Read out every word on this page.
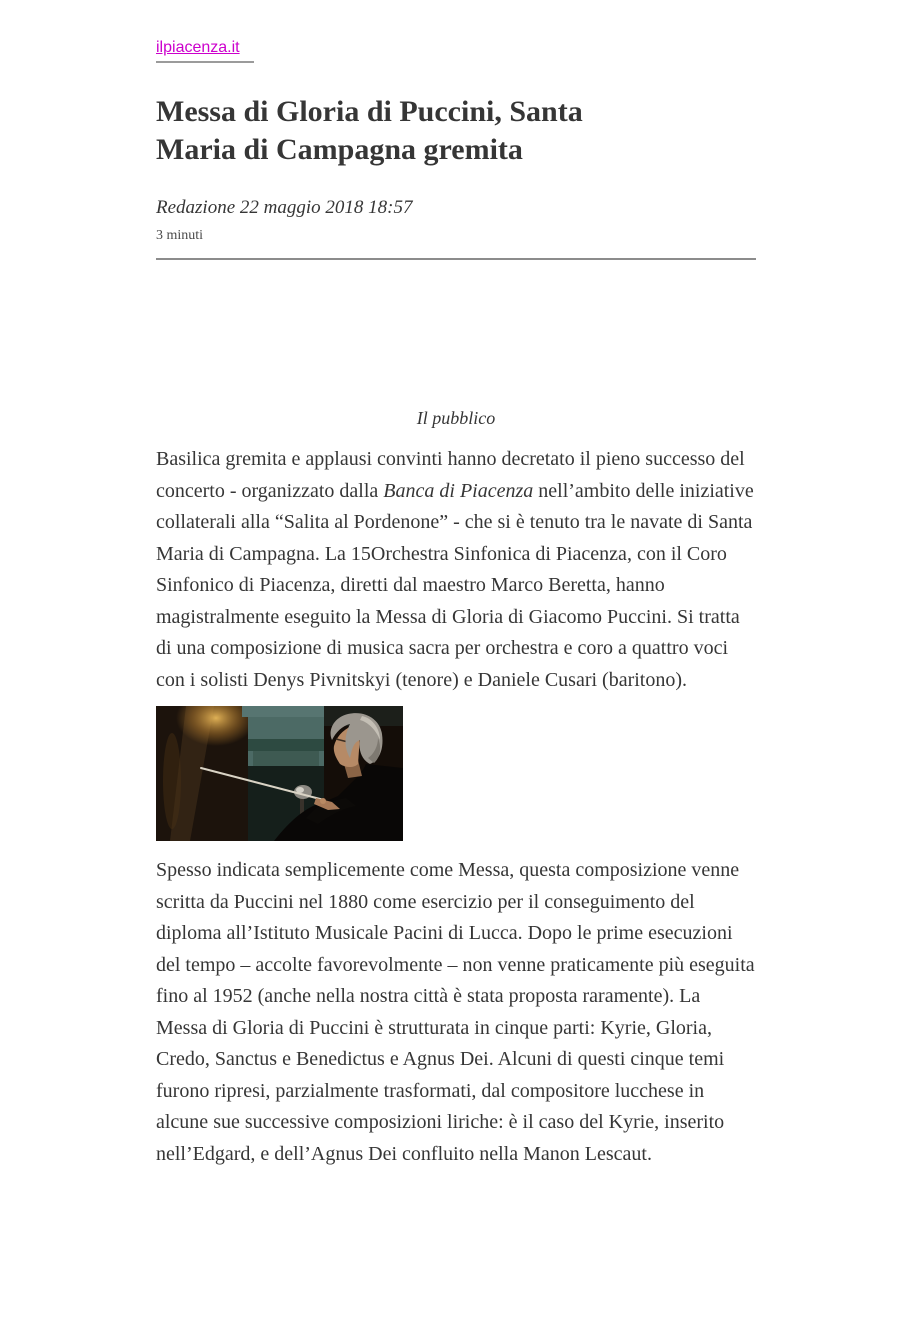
ilpiacenza.it
Messa di Gloria di Puccini, Santa
Maria di Campagna gremita
Redazione 22 maggio 2018 18:57
3 minuti
Il pubblico

Basilica gremita e applausi convinti hanno decretato il pieno successo del concerto - organizzato dalla Banca di Piacenza nell’ambito delle iniziative collaterali alla “Salita al Pordenone” - che si è tenuto tra le navate di Santa Maria di Campagna. La 15Orchestra Sinfonica di Piacenza, con il Coro Sinfonico di Piacenza, diretti dal maestro Marco Beretta, hanno magistralmente eseguito la Messa di Gloria di Giacomo Puccini. Si tratta di una composizione di musica sacra per orchestra e coro a quattro voci con i solisti Denys Pivnitskyi (tenore) e Daniele Cusari (baritono).

Spesso indicata semplicemente come Messa, questa composizione venne scritta da Puccini nel 1880 come esercizio per il conseguimento del diploma all’Istituto Musicale Pacini di Lucca. Dopo le prime esecuzioni del tempo – accolte favorevolmente – non venne praticamente più eseguita fino al 1952 (anche nella nostra città è stata proposta raramente). La Messa di Gloria di Puccini è strutturata in cinque parti: Kyrie, Gloria, Credo, Sanctus e Benedictus e Agnus Dei. Alcuni di questi cinque temi furono ripresi, parzialmente trasformati, dal compositore lucchese in alcune sue successive composizioni liriche: è il caso del Kyrie, inserito nell’Edgard, e dell’Agnus Dei confluito nella Manon Lescaut.
